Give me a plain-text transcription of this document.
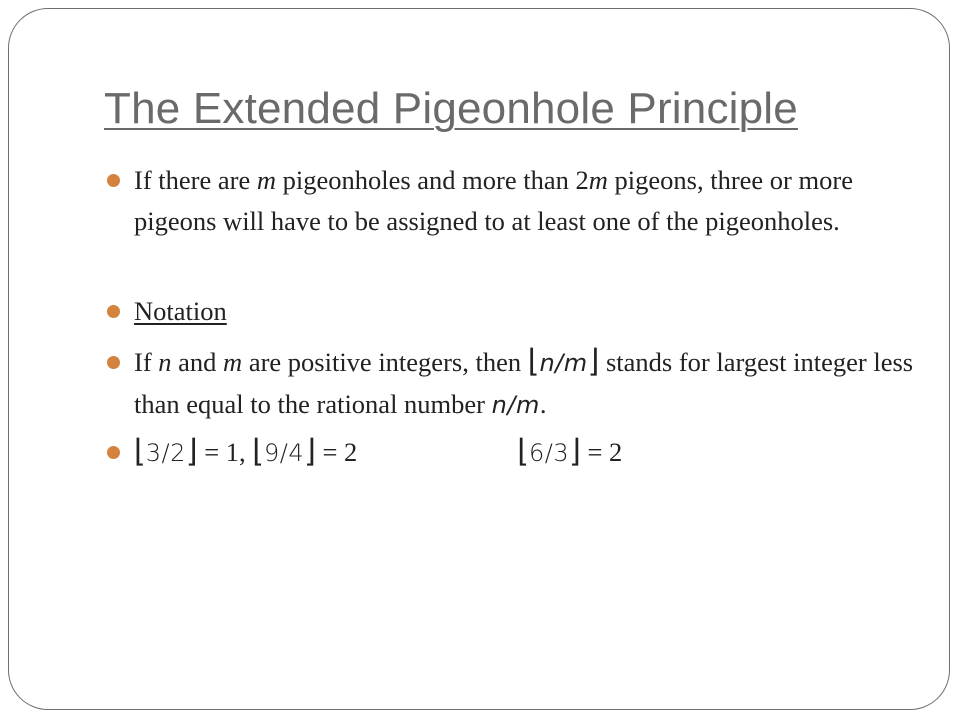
The Extended Pigeonhole Principle
If there are m pigeonholes and more than 2m pigeons, three or more pigeons will have to be assigned to at least one of the pigeonholes.
Notation
If n and m are positive integers, then ⌊n/m⌋ stands for largest integer less than equal to the rational number n/m.
⌊3/2⌋ = 1, ⌊9/4⌋ = 2	⌊6/3⌋ = 2
